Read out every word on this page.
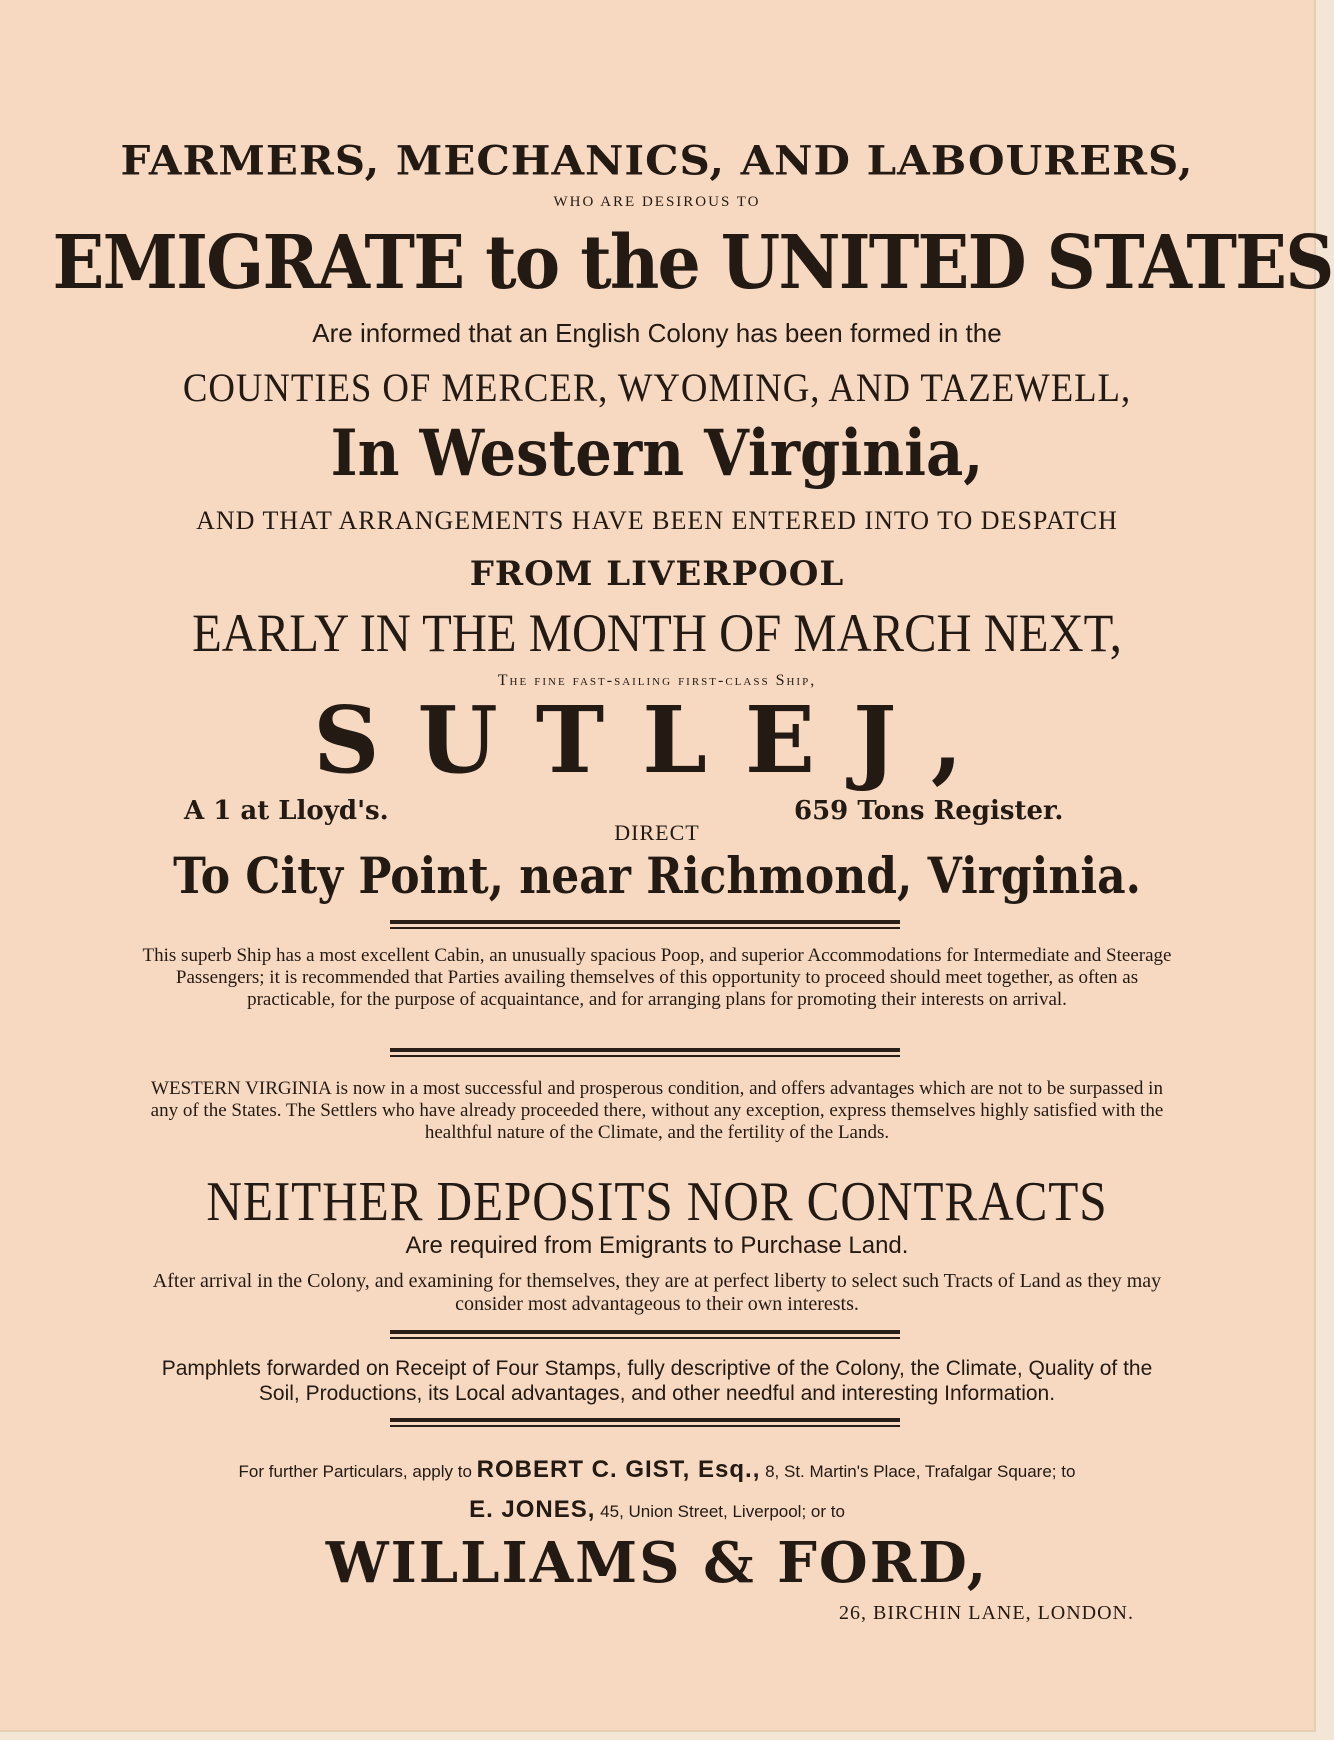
FARMERS, MECHANICS, AND LABOURERS,
WHO ARE DESIROUS TO
EMIGRATE to the UNITED STATES
Are informed that an English Colony has been formed in the
COUNTIES OF MERCER, WYOMING, AND TAZEWELL,
In Western Virginia,
AND THAT ARRANGEMENTS HAVE BEEN ENTERED INTO TO DESPATCH
FROM LIVERPOOL
EARLY IN THE MONTH OF MARCH NEXT,
The fine fast-sailing first-class Ship,
SUTLEJ,
A 1 at Lloyd's.	659 Tons Register.
DIRECT
To City Point, near Richmond, Virginia.
This superb Ship has a most excellent Cabin, an unusually spacious Poop, and superior Accommodations for Intermediate and Steerage Passengers; it is recommended that Parties availing themselves of this opportunity to proceed should meet together, as often as practicable, for the purpose of acquaintance, and for arranging plans for promoting their interests on arrival.
WESTERN VIRGINIA is now in a most successful and prosperous condition, and offers advantages which are not to be surpassed in any of the States. The Settlers who have already proceeded there, without any exception, express themselves highly satisfied with the healthful nature of the Climate, and the fertility of the Lands.
NEITHER DEPOSITS NOR CONTRACTS
Are required from Emigrants to Purchase Land.
After arrival in the Colony, and examining for themselves, they are at perfect liberty to select such Tracts of Land as they may consider most advantageous to their own interests.
Pamphlets forwarded on Receipt of Four Stamps, fully descriptive of the Colony, the Climate, Quality of the Soil, Productions, its Local advantages, and other needful and interesting Information.
For further Particulars, apply to ROBERT C. GIST, Esq., 8, St. Martin's Place, Trafalgar Square; to
E. JONES, 45, Union Street, Liverpool; or to
WILLIAMS & FORD,
26, BIRCHIN LANE, LONDON.
